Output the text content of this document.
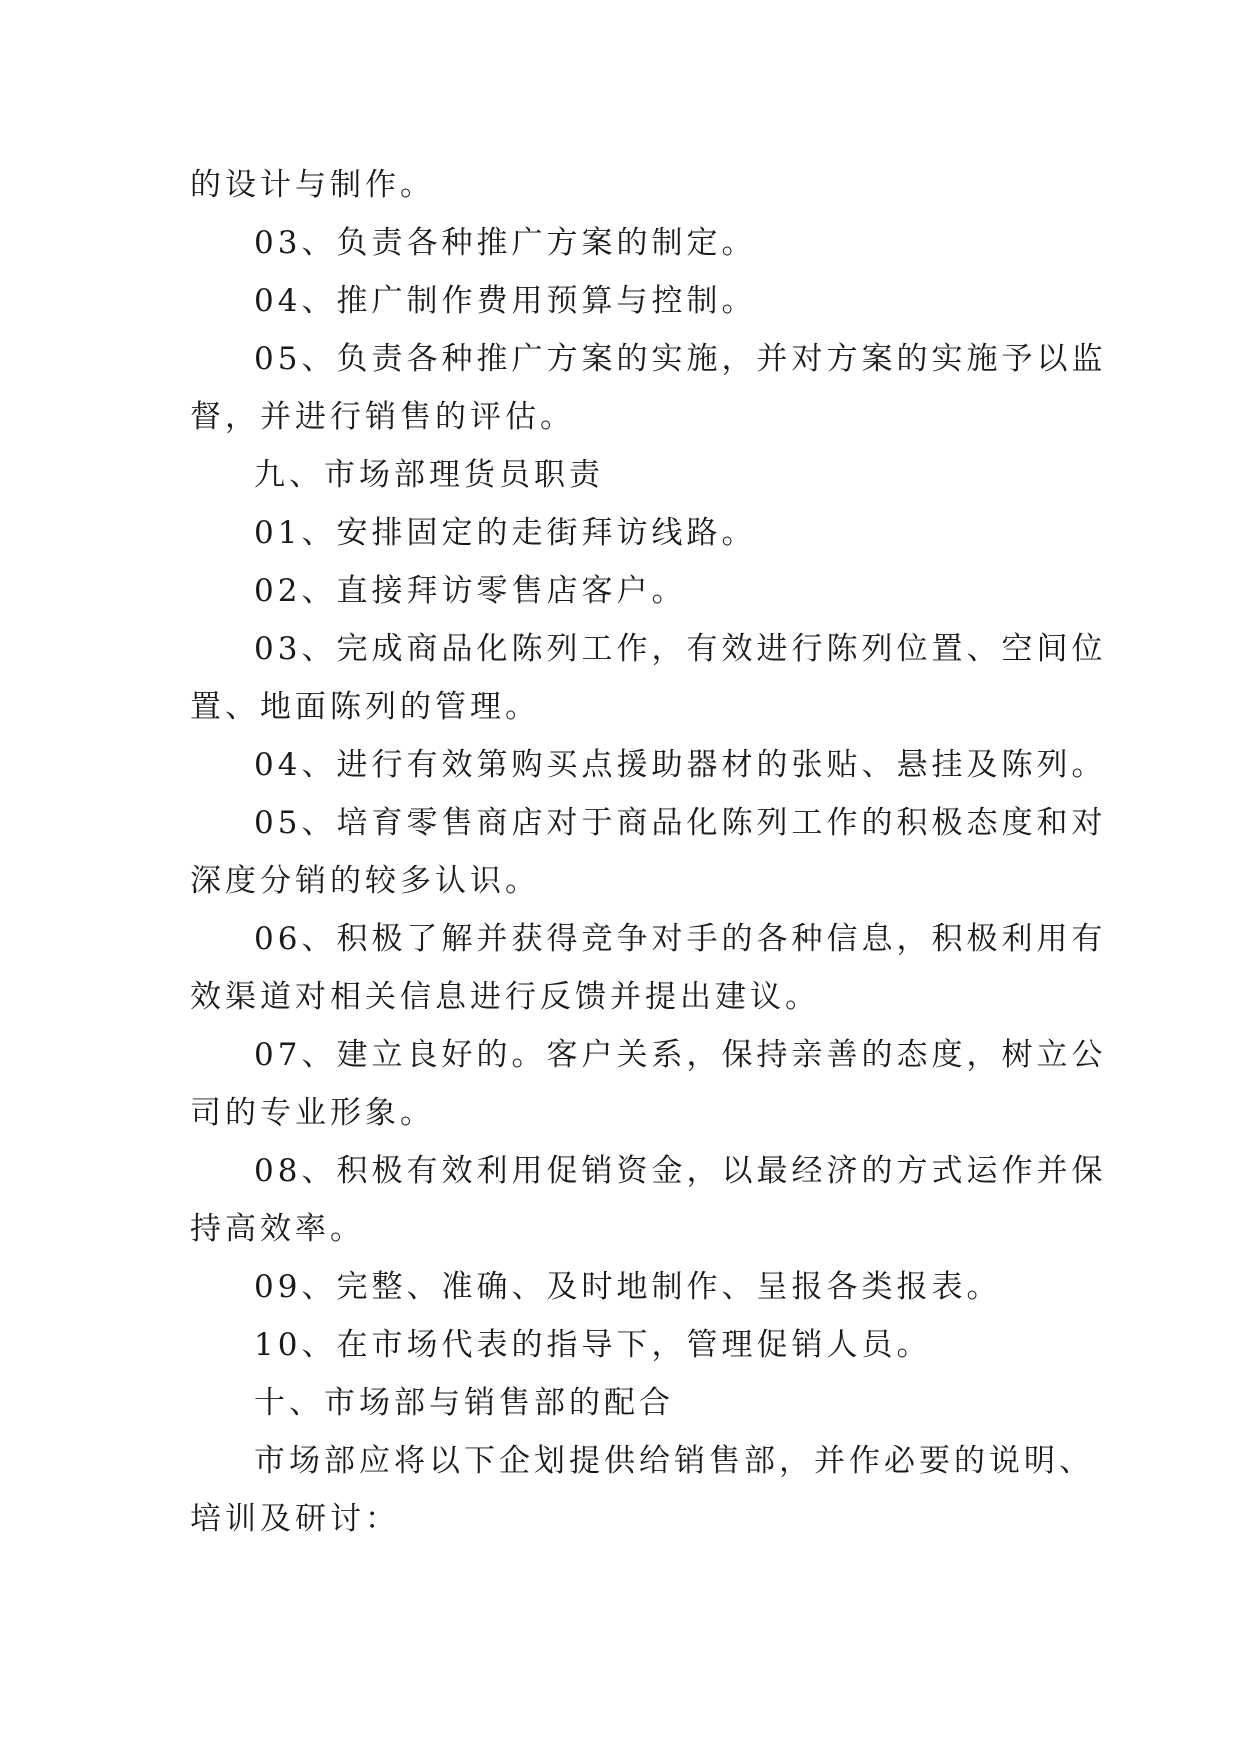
的设计与制作。

03、负责各种推广方案的制定。

04、推广制作费用预算与控制。

05、负责各种推广方案的实施，并对方案的实施予以监

督，并进行销售的评估。

九、市场部理货员职责

01、安排固定的走街拜访线路。

02、直接拜访零售店客户。

03、完成商品化陈列工作，有效进行陈列位置、空间位

置、地面陈列的管理。

04、进行有效第购买点援助器材的张贴、悬挂及陈列。

05、培育零售商店对于商品化陈列工作的积极态度和对

深度分销的较多认识。

06、积极了解并获得竞争对手的各种信息，积极利用有

效渠道对相关信息进行反馈并提出建议。

07、建立良好的。客户关系，保持亲善的态度，树立公

司的专业形象。

08、积极有效利用促销资金，以最经济的方式运作并保

持高效率。

09、完整、准确、及时地制作、呈报各类报表。

10、在市场代表的指导下，管理促销人员。

十、市场部与销售部的配合

市场部应将以下企划提供给销售部，并作必要的说明、

培训及研讨：
